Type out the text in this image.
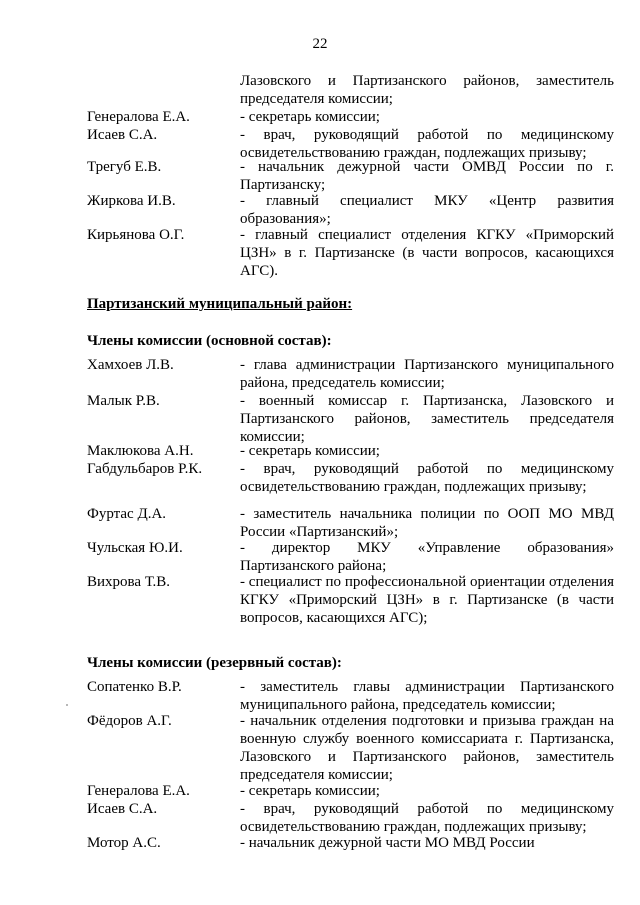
22
Лазовского и Партизанского районов, заместитель председателя комиссии;
Генералова Е.А.	- секретарь комиссии;
Исаев С.А.	- врач, руководящий работой по медицинскому освидетельствованию граждан, подлежащих призыву;
Трегуб Е.В.	- начальник дежурной части ОМВД России по г. Партизанску;
Жиркова И.В.	- главный специалист МКУ «Центр развития образования»;
Кирьянова О.Г.	- главный специалист отделения КГКУ «Приморский ЦЗН» в г. Партизанске (в части вопросов, касающихся АГС).
Партизанский муниципальный район:
Члены комиссии (основной состав):
Хамхоев Л.В.	- глава администрации Партизанского муниципального района, председатель комиссии;
Малык Р.В.	- военный комиссар г. Партизанска, Лазовского и Партизанского районов, заместитель председателя комиссии;
Маклюкова А.Н.	- секретарь комиссии;
Габдульбаров Р.К.	- врач, руководящий работой по медицинскому освидетельствованию граждан, подлежащих призыву;
Фуртас Д.А.	- заместитель начальника полиции по ООП МО МВД России «Партизанский»;
Чульская Ю.И.	- директор МКУ «Управление образования» Партизанского района;
Вихрова Т.В.	- специалист по профессиональной ориентации отделения КГКУ «Приморский ЦЗН» в г. Партизанске (в части вопросов, касающихся АГС);
Члены комиссии (резервный состав):
Сопатенко В.Р.	- заместитель главы администрации Партизанского муниципального района, председатель комиссии;
Фёдоров А.Г.	- начальник отделения подготовки и призыва граждан на военную службу военного комиссариата г. Партизанска, Лазовского и Партизанского районов, заместитель председателя комиссии;
Генералова Е.А.	- секретарь комиссии;
Исаев С.А.	- врач, руководящий работой по медицинскому освидетельствованию граждан, подлежащих призыву;
Мотор А.С.	- начальник дежурной части МО МВД России
